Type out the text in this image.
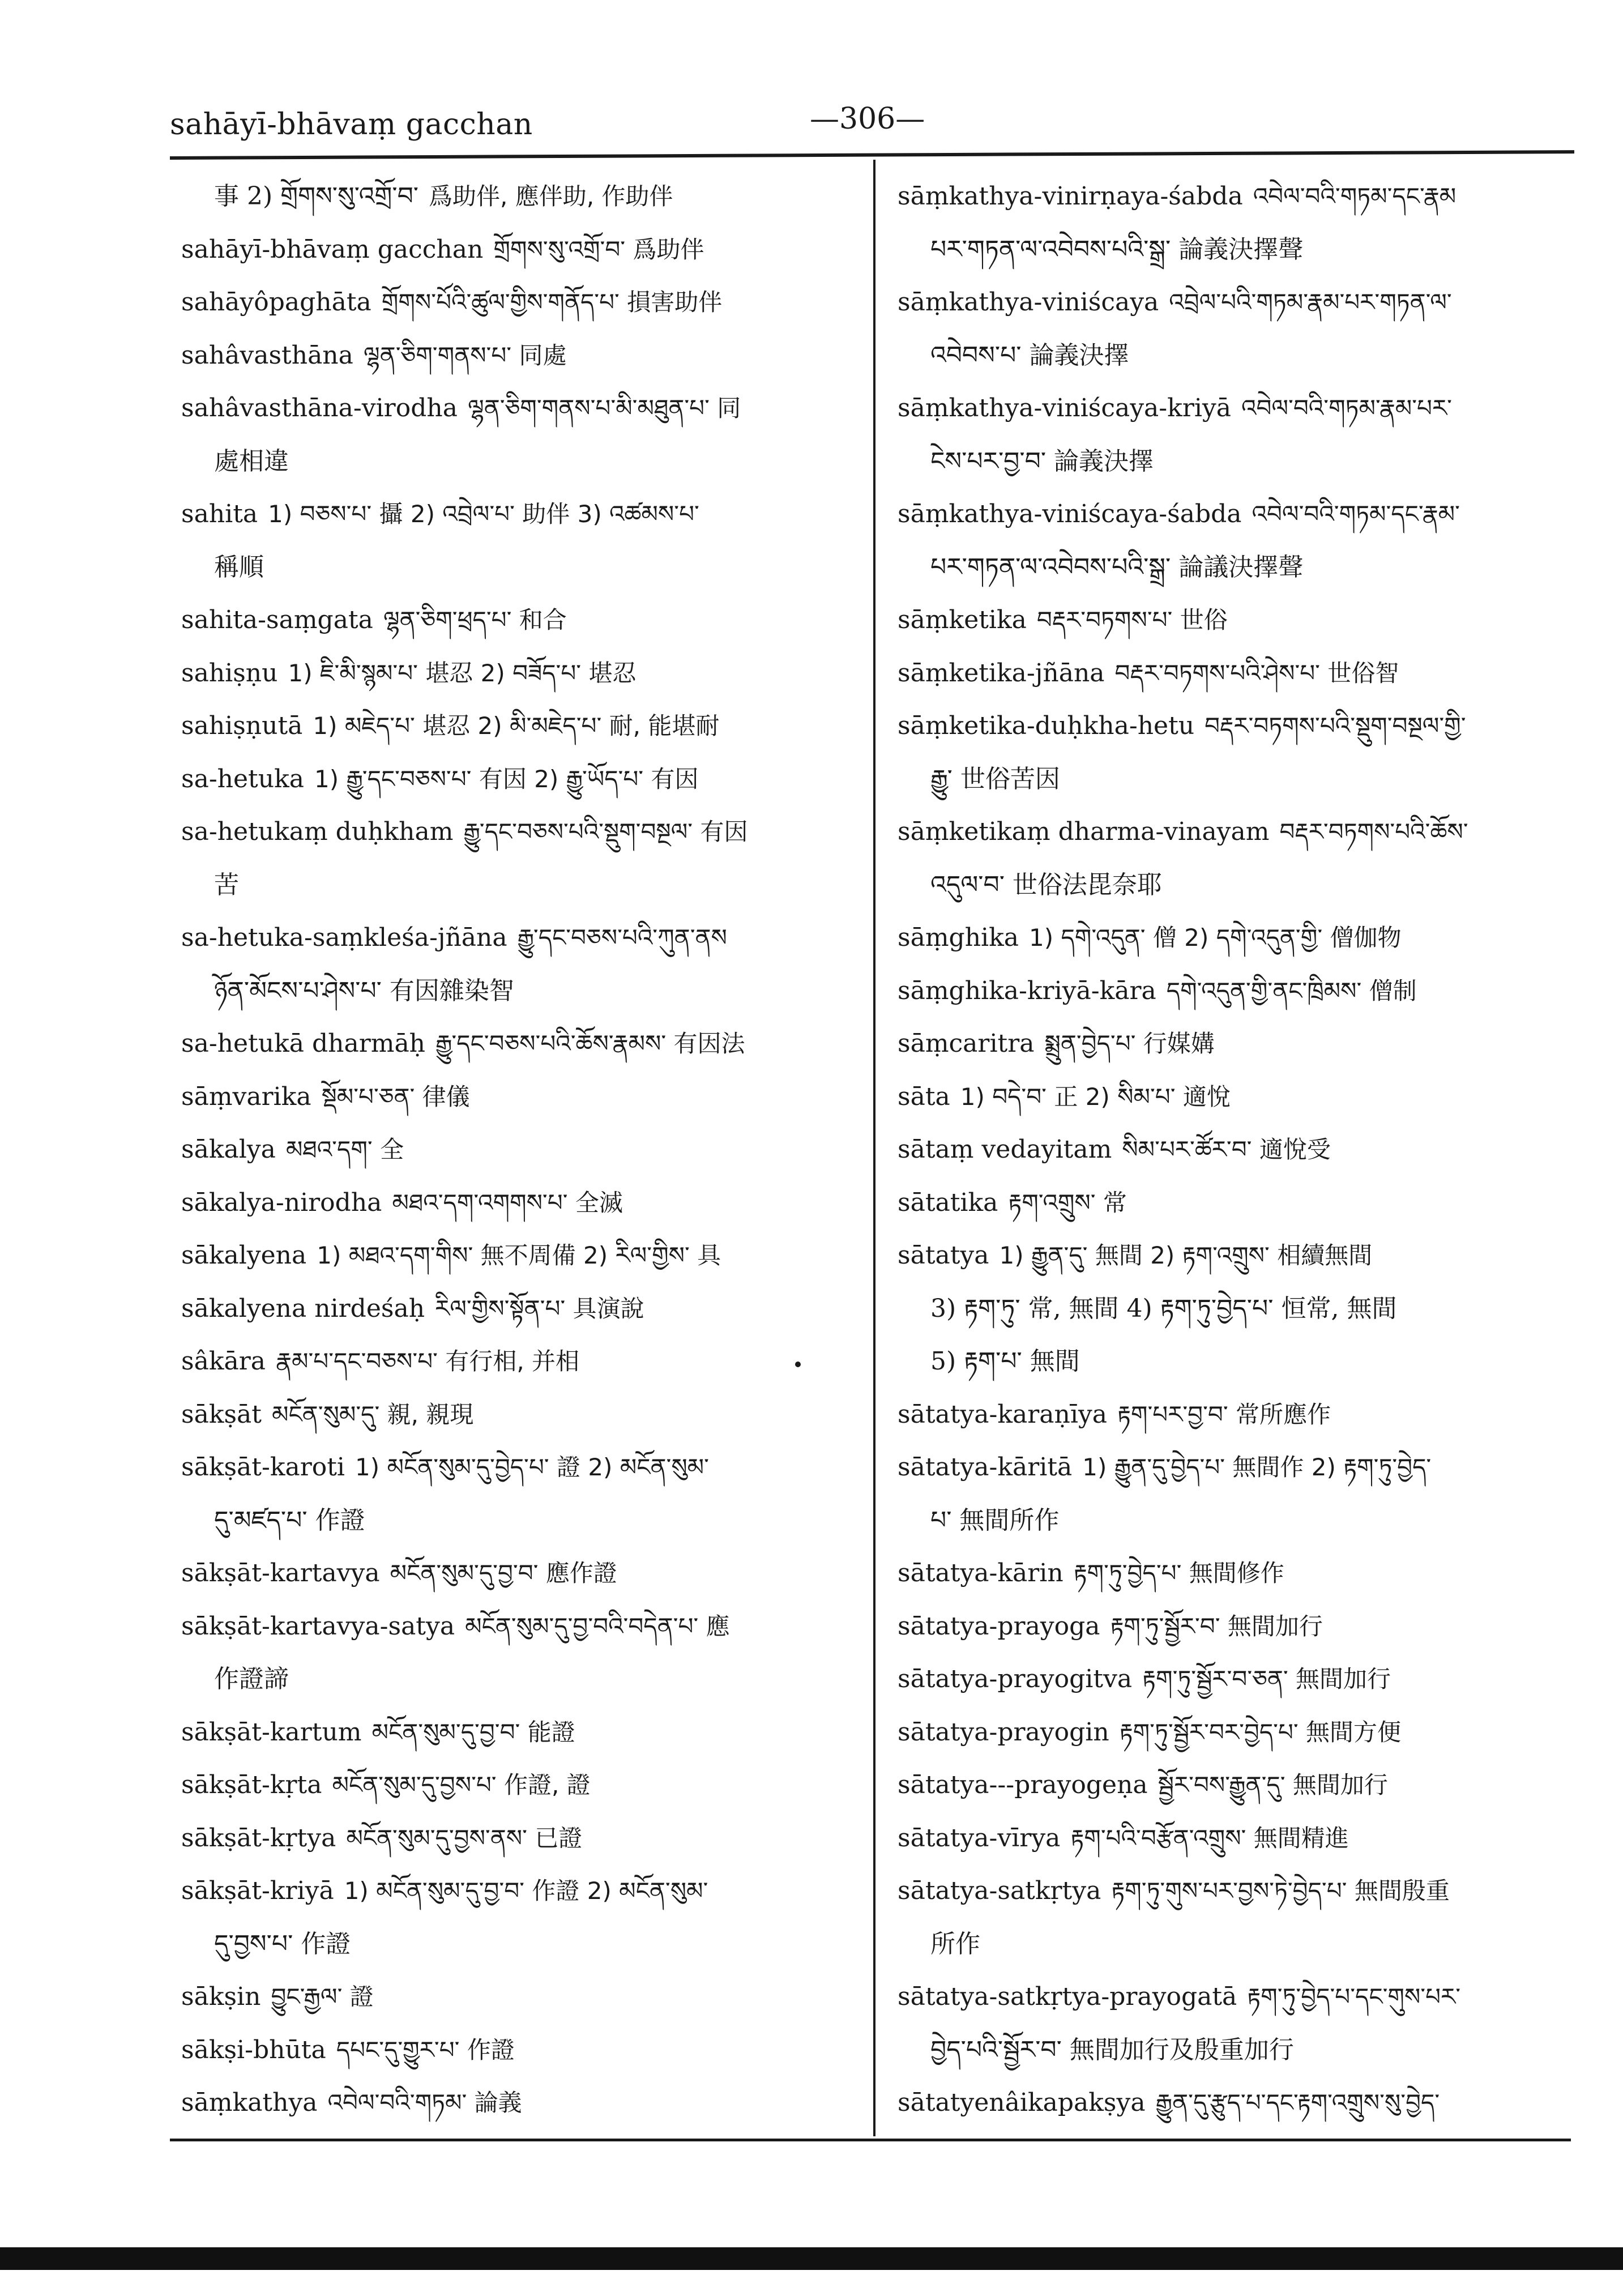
sahāyī-bhāvaṃ gacchan	—306—
事 2) གྲོགས་སུ་འགྲོ་བ་ 爲助伴, 應伴助, 作助伴
sahāyī-bhāvaṃ gacchan གྲོགས་སུ་འགྲོ་བ་ 爲助伴
sahāyôpaghāta གྲོགས་པོའི་ཚུལ་གྱིས་གནོད་པ་ 損害助伴
sahâvasthāna ལྷན་ཅིག་གནས་པ་ 同處
sahâvasthāna-virodha ལྷན་ཅིག་གནས་པ་མི་མཐུན་པ་ 同
處相違
sahita 1) བཅས་པ་ 攝 2) འབྲེལ་པ་ 助伴 3) འཚམས་པ་
稱順
sahita-saṃgata ལྷན་ཅིག་ཕྲད་པ་ 和合
sahiṣṇu 1) ཇི་མི་སྙམ་པ་ 堪忍 2) བཟོད་པ་ 堪忍
sahiṣṇutā 1) མཇེད་པ་ 堪忍 2) མི་མཇེད་པ་ 耐, 能堪耐
sa-hetuka 1) རྒྱུ་དང་བཅས་པ་ 有因 2) རྒྱུ་ཡོད་པ་ 有因
sa-hetukaṃ duḥkham རྒྱུ་དང་བཅས་པའི་སྡུག་བསྔལ་ 有因
苦
sa-hetuka-saṃkleśa-jñāna རྒྱུ་དང་བཅས་པའི་ཀུན་ནས
ཉོན་མོངས་པ་ཤེས་པ་ 有因雜染智
sa-hetukā dharmāḥ རྒྱུ་དང་བཅས་པའི་ཆོས་རྣམས་ 有因法
sāṃvarika སྡོམ་པ་ཅན་ 律儀
sākalya མཐའ་དག་ 全
sākalya-nirodha མཐའ་དག་འགགས་པ་ 全滅
sākalyena 1) མཐའ་དག་གིས་ 無不周備 2) རིལ་གྱིས་ 具
sākalyena nirdeśaḥ རིལ་གྱིས་སྟོན་པ་ 具演說
sâkāra རྣམ་པ་དང་བཅས་པ་ 有行相, 并相
sākṣāt མངོན་སུམ་དུ་ 親, 親現
sākṣāt-karoti 1) མངོན་སུམ་དུ་བྱེད་པ་ 證 2) མངོན་སུམ་
དུ་མཛད་པ་ 作證
sākṣāt-kartavya མངོན་སུམ་དུ་བྱ་བ་ 應作證
sākṣāt-kartavya-satya མངོན་སུམ་དུ་བྱ་བའི་བདེན་པ་ 應
作證諦
sākṣāt-kartum མངོན་སུམ་དུ་བྱ་བ་ 能證
sākṣāt-kṛta མངོན་སུམ་དུ་བྱས་པ་ 作證, 證
sākṣāt-kṛtya མངོན་སུམ་དུ་བྱས་ནས་ 已證
sākṣāt-kriyā 1) མངོན་སུམ་དུ་བྱ་བ་ 作證 2) མངོན་སུམ་
དུ་བྱས་པ་ 作證
sākṣin བྱུང་རྒྱལ་ 證
sākṣi-bhūta དཔང་དུ་གྱུར་པ་ 作證
sāṃkathya འབེལ་བའི་གཏམ་ 論義
sāṃkathya-vinirṇaya-śabda འབེལ་བའི་གཏམ་དང་རྣམ
པར་གཏན་ལ་འབེབས་པའི་སྒྲ་ 論義決擇聲
sāṃkathya-viniścaya འབྲེལ་པའི་གཏམ་རྣམ་པར་གཏན་ལ་
འབེབས་པ་ 論義決擇
sāṃkathya-viniścaya-kriyā འབེལ་བའི་གཏམ་རྣམ་པར་
ངེས་པར་བྱ་བ་ 論義決擇
sāṃkathya-viniścaya-śabda འབེལ་བའི་གཏམ་དང་རྣམ་
པར་གཏན་ལ་འབེབས་པའི་སྒྲ་ 論議決擇聲
sāṃketika བརྡར་བཏགས་པ་ 世俗
sāṃketika-jñāna བརྡར་བཏགས་པའི་ཤེས་པ་ 世俗智
sāṃketika-duḥkha-hetu བརྡར་བཏགས་པའི་སྡུག་བསྔལ་གྱི་
རྒྱུ་ 世俗苦因
sāṃketikaṃ dharma-vinayam བརྡར་བཏགས་པའི་ཆོས་
འདུལ་བ་ 世俗法毘奈耶
sāṃghika 1) དགེ་འདུན་ 僧 2) དགེ་འདུན་གྱི་ 僧伽物
sāṃghika-kriyā-kāra དགེ་འདུན་གྱི་ནང་ཁྲིམས་ 僧制
sāṃcaritra སྨྲུན་བྱེད་པ་ 行媒媾
sāta 1) བདེ་བ་ 正 2) སིམ་པ་ 適悅
sātaṃ vedayitam སིམ་པར་ཚོར་བ་ 適悅受
sātatika རྟག་འགྲུས་ 常
sātatya 1) རྒྱུན་དུ་ 無間 2) རྟག་འགྲུས་ 相續無間
3) རྟག་ཏུ་ 常, 無間 4) རྟག་ཏུ་བྱེད་པ་ 恒常, 無間
5) རྟག་པ་ 無間
sātatya-karaṇīya རྟག་པར་བྱ་བ་ 常所應作
sātatya-kāritā 1) རྒྱུན་དུ་བྱེད་པ་ 無間作 2) རྟག་ཏུ་བྱེད་
པ་ 無間所作
sātatya-kārin རྟག་ཏུ་བྱེད་པ་ 無間修作
sātatya-prayoga རྟག་ཏུ་སྦྱོར་བ་ 無間加行
sātatya-prayogitva རྟག་ཏུ་སྦྱོར་བ་ཅན་ 無間加行
sātatya-prayogin རྟག་ཏུ་སྦྱོར་བར་བྱེད་པ་ 無間方便
sātatya---prayogeṇa སྦྱོར་བས་རྒྱུན་དུ་ 無間加行
sātatya-vīrya རྟག་པའི་བརྩོན་འགྲུས་ 無間精進
sātatya-satkṛtya རྟག་ཏུ་གུས་པར་བྱས་ཏེ་བྱེད་པ་ 無間殷重
所作
sātatya-satkṛtya-prayogatā རྟག་ཏུ་བྱེད་པ་དང་གུས་པར་
བྱེད་པའི་སྦྱོར་བ་ 無間加行及殷重加行
sātatyenâikapakṣya རྒྱུན་དུ་རྩུད་པ་དང་རྟག་འགྲུས་སུ་བྱེད་
